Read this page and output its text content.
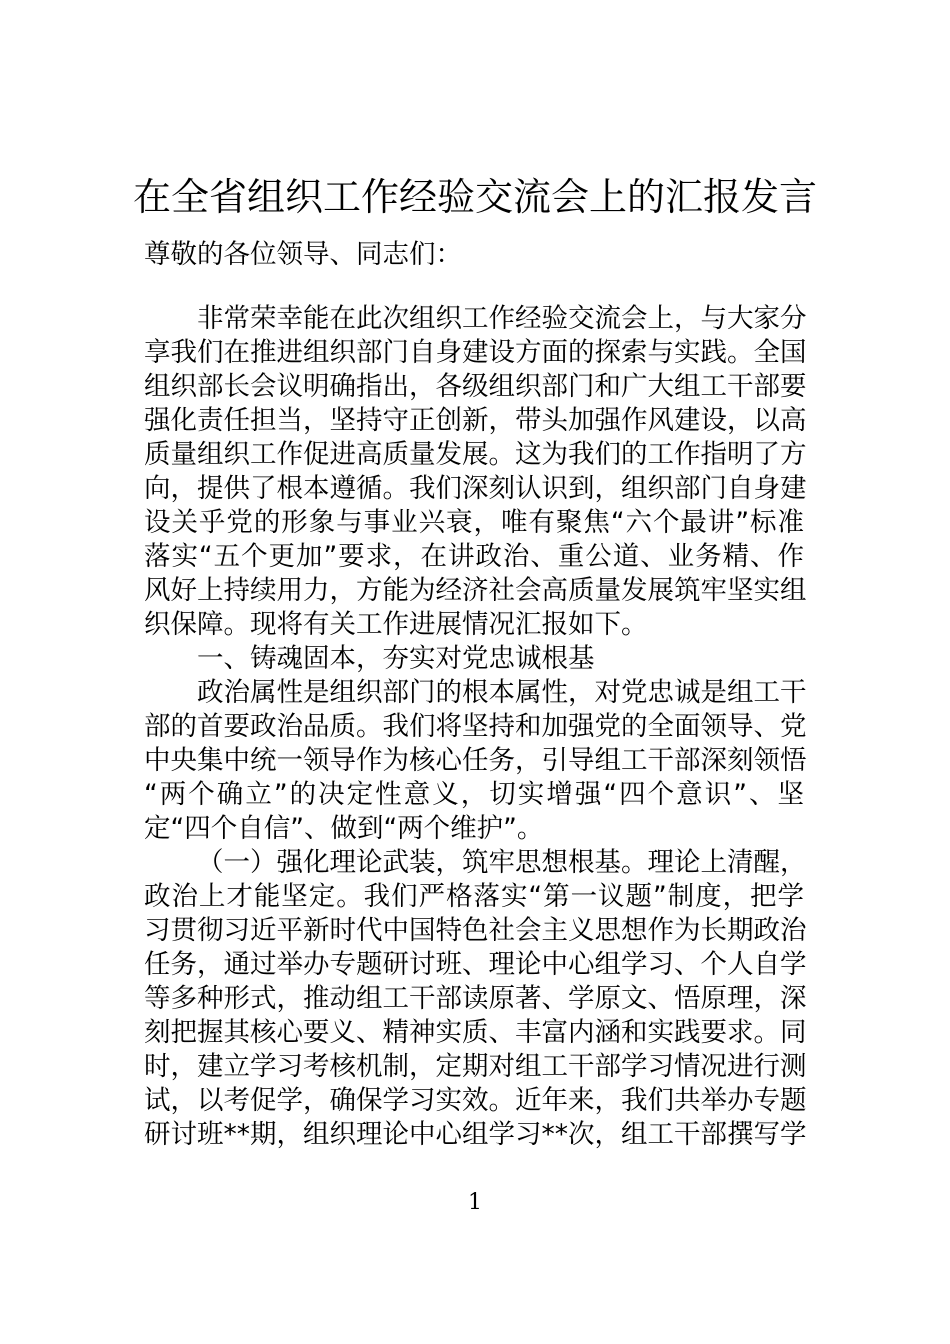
在全省组织工作经验交流会上的汇报发言
尊敬的各位领导、同志们：
非常荣幸能在此次组织工作经验交流会上，与大家分
享我们在推进组织部门自身建设方面的探索与实践。全国
组织部长会议明确指出，各级组织部门和广大组工干部要
强化责任担当，坚持守正创新，带头加强作风建设，以高
质量组织工作促进高质量发展。这为我们的工作指明了方
向，提供了根本遵循。我们深刻认识到，组织部门自身建
设关乎党的形象与事业兴衰，唯有聚焦“六个最讲”标准
落实“五个更加”要求，在讲政治、重公道、业务精、作
风好上持续用力，方能为经济社会高质量发展筑牢坚实组
织保障。现将有关工作进展情况汇报如下。
一、铸魂固本，夯实对党忠诚根基
政治属性是组织部门的根本属性，对党忠诚是组工干
部的首要政治品质。我们将坚持和加强党的全面领导、党
中央集中统一领导作为核心任务，引导组工干部深刻领悟
“两个确立”的决定性意义，切实增强“四个意识”、坚
定“四个自信”、做到“两个维护”。
（一）强化理论武装，筑牢思想根基。理论上清醒，
政治上才能坚定。我们严格落实“第一议题”制度，把学
习贯彻习近平新时代中国特色社会主义思想作为长期政治
任务，通过举办专题研讨班、理论中心组学习、个人自学
等多种形式，推动组工干部读原著、学原文、悟原理，深
刻把握其核心要义、精神实质、丰富内涵和实践要求。同
时，建立学习考核机制，定期对组工干部学习情况进行测
试，以考促学，确保学习实效。近年来，我们共举办专题
研讨班**期，组织理论中心组学习**次，组工干部撰写学
1
